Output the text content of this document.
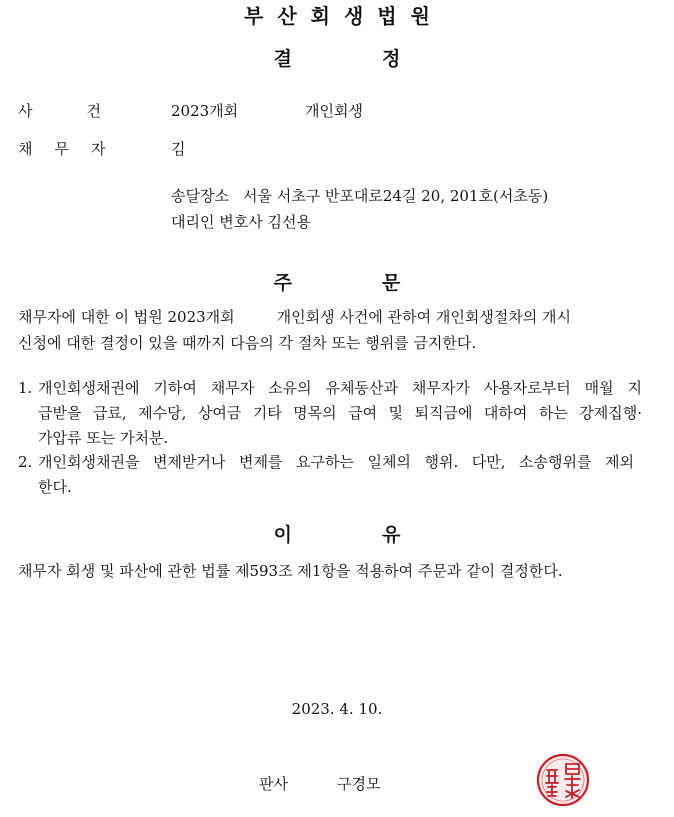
부산회생법원
결	정
사건 2023개회	개인회생
채무자	김
송달장소 서울 서초구 반포대로24길 20, 201호(서초동)
대리인 변호사 김선용
주	문
채무자에 대한 이 법원 2023개회	개인회생 사건에 관하여 개인회생절차의 개시
신청에 대한 결정이 있을 때까지 다음의 각 절차 또는 행위를 금지한다.
1. 개인회생채권에 기하여 채무자 소유의 유체동산과 채무자가 사용자로부터 매월 지
급받을 급료, 제수당, 상여금 기타 명목의 급여 및 퇴직금에 대하여 하는 강제집행·
가압류 또는 가처분.
2. 개인회생채권을 변제받거나 변제를 요구하는 일체의 행위. 다만, 소송행위를 제외
한다.
이	유
채무자 회생 및 파산에 관한 법률 제593조 제1항을 적용하여 주문과 같이 결정한다.
2023. 4. 10.
판사	구경모
